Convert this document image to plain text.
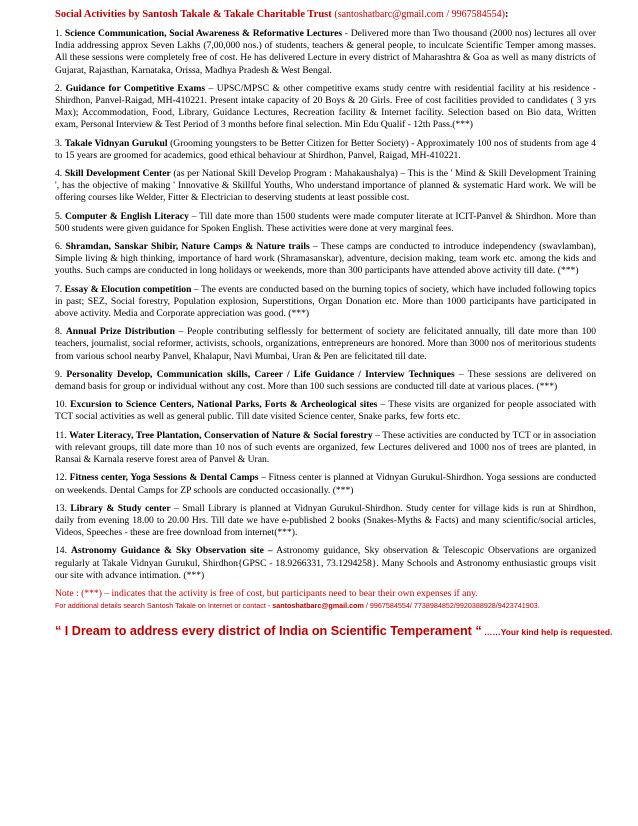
Social Activities by Santosh Takale & Takale Charitable Trust (santoshatbarc@gmail.com / 9967584554):

1. Science Communication, Social Awareness & Reformative Lectures - Delivered more than Two thousand (2000 nos) lectures all over India addressing approx Seven Lakhs (7,00,000 nos.) of students, teachers & general people, to inculcate Scientific Temper among masses. All these sessions were completely free of cost. He has delivered Lecture in every district of Maharashtra & Goa as well as many districts of Gujarat, Rajasthan, Karnataka, Orissa, Madhya Pradesh & West Bengal.

2. Guidance for Competitive Exams – UPSC/MPSC & other competitive exams study centre with residential facility at his residence - Shirdhon, Panvel-Raigad, MH-410221. Present intake capacity of 20 Boys & 20 Girls. Free of cost facilities provided to candidates ( 3 yrs Max); Accommodation, Food, Library, Guidance Lectures, Recreation facility & Internet facility. Selection based on Bio data, Written exam, Personal Interview & Test Period of 3 months before final selection. Min Edu Qualif - 12th Pass.(***)

3. Takale Vidnyan Gurukul (Grooming youngsters to be Better Citizen for Better Society) - Approximately 100 nos of students from age 4 to 15 years are groomed for academics, good ethical behaviour at Shirdhon, Panvel, Raigad, MH-410221.

4. Skill Development Center (as per National Skill Develop Program : Mahakaushalya) – This is the ' Mind & Skill Development Training ', has the objective of making ' Innovative & Skillful Youths, Who understand importance of planned & systematic Hard work. We will be offering courses like Welder, Fitter & Electrician to deserving students at least possible cost.

5. Computer & English Literacy – Till date more than 1500 students were made computer literate at ICIT-Panvel & Shirdhon. More than 500 students were given guidance for Spoken English. These activities were done at very marginal fees.

6. Shramdan, Sanskar Shibir, Nature Camps & Nature trails – These camps are conducted to introduce independency (swavlamban), Simple living & high thinking, importance of hard work (Shramasanskar), adventure, decision making, team work etc. among the kids and youths. Such camps are conducted in long holidays or weekends, more than 300 participants have attended above activity till date. (***)

7. Essay & Elocution competition – The events are conducted based on the burning topics of society, which have included following topics in past; SEZ, Social forestry, Population explosion, Superstitions, Organ Donation etc. More than 1000 participants have participated in above activity. Media and Corporate appreciation was good. (***)

8. Annual Prize Distribution – People contributing selflessly for betterment of society are felicitated annually, till date more than 100 teachers, journalist, social reformer, activists, schools, organizations, entrepreneurs are honored. More than 3000 nos of meritorious students from various school nearby Panvel, Khalapur, Navi Mumbai, Uran & Pen are felicitated till date.

9. Personality Develop, Communication skills, Career / Life Guidance / Interview Techniques – These sessions are delivered on demand basis for group or individual without any cost. More than 100 such sessions are conducted till date at various places. (***)

10. Excursion to Science Centers, National Parks, Forts & Archeological sites – These visits are organized for people associated with TCT social activities as well as general public. Till date visited Science center, Snake parks, few forts etc.

11. Water Literacy, Tree Plantation, Conservation of Nature & Social forestry – These activities are conducted by TCT or in association with relevant groups, till date more than 10 nos of such events are organized, few Lectures delivered and 1000 nos of trees are planted, in Ransai & Karnala reserve forest area of Panvel & Uran.

12. Fitness center, Yoga Sessions & Dental Camps – Fitness center is planned at Vidnyan Gurukul-Shirdhon. Yoga sessions are conducted on weekends. Dental Camps for ZP schools are conducted occasionally. (***)

13. Library & Study center – Small Library is planned at Vidnyan Gurukul-Shirdhon. Study center for village kids is run at Shirdhon, daily from evening 18.00 to 20.00 Hrs. Till date we have e-published 2 books (Snakes-Myths & Facts) and many scientific/social articles, Videos, Speeches - these are free download from internet(***).

14. Astronomy Guidance & Sky Observation site – Astronomy guidance, Sky observation & Telescopic Observations are organized regularly at Takale Vidnyan Gurukul, Shirdhon{GPSC - 18.9266331, 73.1294258}. Many Schools and Astronomy enthusiastic groups visit our site with advance intimation. (***)

Note : (***) – indicates that the activity is free of cost, but participants need to bear their own expenses if any.

For additional details search Santosh Takale on Internet or contact - santoshatbarc@gmail.com / 9967584554/ 7738984852/9920388928/9423741903.

“ I Dream to address every district of India on Scientific Temperament “ ……Your kind help is requested.
